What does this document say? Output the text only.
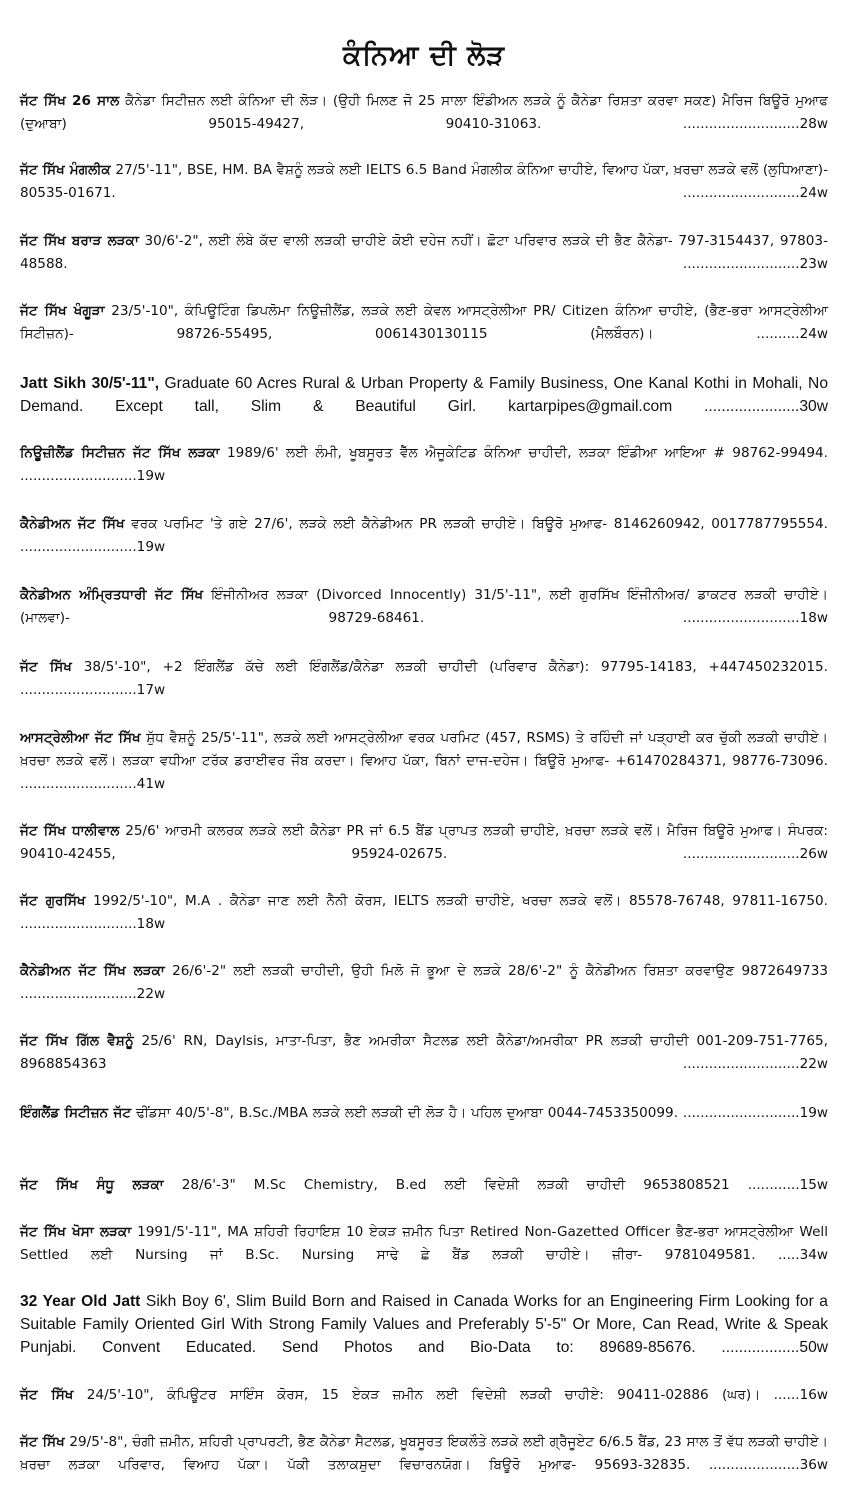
ਕੰਨਿਆ ਦੀ ਲੋੜ
ਜੱਟ ਸਿੱਖ 26 ਸਾਲ ਕੈਨੇਡਾ ਸਿਟੀਜ਼ਨ ਲਈ ਕੰਨਿਆ ਦੀ ਲੋੜ। (ਉਹੀ ਮਿਲਣ ਜੋ 25 ਸਾਲਾ ਇੰਡੀਅਨ ਲੜਕੇ ਨੂੰ ਕੈਨੇਡਾ ਰਿਸ਼ਤਾ ਕਰਵਾ ਸਕਣ) ਮੈਰਿਜ ਬਿਊਰੋ ਮੁਆਫ (ਦੁਆਬਾ) 95015-49427, 90410-31063.	...........................28w
ਜੱਟ ਸਿੱਖ ਮੰਗਲੀਕ 27/5'-11", BSE, HM. BA ਵੈਸ਼ਨੂੰ ਲੜਕੇ ਲਈ IELTS 6.5 Band ਮੰਗਲੀਕ ਕੰਨਿਆ ਚਾਹੀਏ, ਵਿਆਹ ਪੱਕਾ, ਖ਼ਰਚਾ ਲੜਕੇ ਵਲੋਂ (ਲੁਧਿਆਣਾ)- 80535-01671.	...........................24w
ਜੱਟ ਸਿੱਖ ਬਰਾੜ ਲੜਕਾ 30/6'-2", ਲਈ ਲੰਬੇ ਕੱਦ ਵਾਲੀ ਲੜਕੀ ਚਾਹੀਏ ਕੋਈ ਦਹੇਜ ਨਹੀਂ। ਛੋਟਾ ਪਰਿਵਾਰ ਲੜਕੇ ਦੀ ਭੈਣ ਕੈਨੇਡਾ- 797-3154437, 97803-48588.	...........................23w
ਜੱਟ ਸਿੱਖ ਖੰਗੂੜਾ 23/5'-10", ਕੰਪਿਊਟਿੰਗ ਡਿਪਲੋਮਾ ਨਿਊਜ਼ੀਲੈਂਡ, ਲੜਕੇ ਲਈ ਕੇਵਲ ਆਸਟ੍ਰੇਲੀਆ PR/ Citizen ਕੰਨਿਆ ਚਾਹੀਏ, (ਭੈਣ-ਭਰਾ ਆਸਟ੍ਰੇਲੀਆ ਸਿਟੀਜ਼ਨ)- 98726-55495, 0061430130115 (ਮੈਲਬੌਰਨ)।	..........24w
Jatt Sikh 30/5'-11", Graduate 60 Acres Rural & Urban Property & Family Business, One Kanal Kothi in Mohali, No Demand. Except tall, Slim & Beautiful Girl. kartarpipes@gmail.com ......................30w
ਨਿਊਜ਼ੀਲੈਂਡ ਸਿਟੀਜ਼ਨ ਜੱਟ ਸਿੱਖ ਲੜਕਾ 1989/6' ਲਈ ਲੰਮੀ, ਖੂਬਸੂਰਤ ਵੈੱਲ ਐਜੂਕੇਟਿਡ ਕੰਨਿਆ ਚਾਹੀਦੀ, ਲੜਕਾ ਇੰਡੀਆ ਆਇਆ # 98762-99494. ...........................19w
ਕੈਨੇਡੀਅਨ ਜੱਟ ਸਿੱਖ ਵਰਕ ਪਰਮਿਟ 'ਤੇ ਗਏ 27/6', ਲੜਕੇ ਲਈ ਕੈਨੇਡੀਅਨ PR ਲੜਕੀ ਚਾਹੀਏ। ਬਿਊਰੋ ਮੁਆਫ- 8146260942, 0017787795554. ...........................19w
ਕੈਨੇਡੀਅਨ ਅੰਮ੍ਰਿਤਧਾਰੀ ਜੱਟ ਸਿੱਖ ਇੰਜੀਨੀਅਰ ਲੜਕਾ (Divorced Innocently) 31/5'-11", ਲਈ ਗੁਰਸਿੱਖ ਇੰਜੀਨੀਅਰ/ ਡਾਕਟਰ ਲੜਕੀ ਚਾਹੀਏ। (ਮਾਲਵਾ)- 98729-68461.	...........................18w
ਜੱਟ ਸਿੱਖ 38/5'-10", +2 ਇੰਗਲੈਂਡ ਕੱਚੇ ਲਈ ਇੰਗਲੈਂਡ/ਕੈਨੇਡਾ ਲੜਕੀ ਚਾਹੀਦੀ (ਪਰਿਵਾਰ ਕੈਨੇਡਾ): 97795-14183, +447450232015. ...........................17w
ਆਸਟ੍ਰੇਲੀਆ ਜੱਟ ਸਿੱਖ ਸ਼ੁੱਧ ਵੈਸ਼ਨੂੰ 25/5'-11", ਲੜਕੇ ਲਈ ਆਸਟ੍ਰੇਲੀਆ ਵਰਕ ਪਰਮਿਟ (457, RSMS) ਤੇ ਰਹਿੰਦੀ ਜਾਂ ਪੜ੍ਹਾਈ ਕਰ ਚੁੱਕੀ ਲੜਕੀ ਚਾਹੀਏ। ਖ਼ਰਚਾ ਲੜਕੇ ਵਲੋਂ। ਲੜਕਾ ਵਧੀਆ ਟਰੱਕ ਡਰਾਈਵਰ ਜੌਬ ਕਰਦਾ। ਵਿਆਹ ਪੱਕਾ, ਬਿਨਾਂ ਦਾਜ-ਦਹੇਜ। ਬਿਊਰੋ ਮੁਆਫ- +61470284371, 98776-73096. ...........................41w
ਜੱਟ ਸਿੱਖ ਧਾਲੀਵਾਲ 25/6' ਆਰਮੀ ਕਲਰਕ ਲੜਕੇ ਲਈ ਕੈਨੇਡਾ PR ਜਾਂ 6.5 ਬੈਂਡ ਪ੍ਰਾਪਤ ਲੜਕੀ ਚਾਹੀਏ, ਖ਼ਰਚਾ ਲੜਕੇ ਵਲੋਂ। ਮੈਰਿਜ ਬਿਊਰੋ ਮੁਆਫ। ਸੰਪਰਕ: 90410-42455, 95924-02675.	...........................26w
ਜੱਟ ਗੁਰਸਿੱਖ 1992/5'-10", M.A . ਕੈਨੇਡਾ ਜਾਣ ਲਈ ਨੈਨੀ ਕੋਰਸ, IELTS ਲੜਕੀ ਚਾਹੀਏ, ਖਰਚਾ ਲੜਕੇ ਵਲੋਂ। 85578-76748, 97811-16750. ...........................18w
ਕੈਨੇਡੀਅਨ ਜੱਟ ਸਿੱਖ ਲੜਕਾ 26/6'-2" ਲਈ ਲੜਕੀ ਚਾਹੀਦੀ, ਉਹੀ ਮਿਲੋ ਜੋ ਭੂਆ ਦੇ ਲੜਕੇ 28/6'-2" ਨੂੰ ਕੈਨੇਡੀਅਨ ਰਿਸ਼ਤਾ ਕਰਵਾਉਣ 9872649733 ...........................22w
ਜੱਟ ਸਿੱਖ ਗਿੱਲ ਵੈਸ਼ਨੂੰ 25/6' RN, Daylsis, ਮਾਤਾ-ਪਿਤਾ, ਭੈਣ ਅਮਰੀਕਾ ਸੈਟਲਡ ਲਈ ਕੈਨੇਡਾ/ਅਮਰੀਕਾ PR ਲੜਕੀ ਚਾਹੀਦੀ 001-209-751-7765, 8968854363	...........................22w
ਇੰਗਲੈਂਡ ਸਿਟੀਜ਼ਨ ਜੱਟ ਢੀਂਡਸਾ 40/5'-8", B.Sc./MBA ਲੜਕੇ ਲਈ ਲੜਕੀ ਦੀ ਲੋੜ ਹੈ। ਪਹਿਲ ਦੁਆਬਾ 0044-7453350099. ...........................19w
ਜੱਟ ਸਿੱਖ ਸੰਧੂ ਲੜਕਾ 28/6'-3" M.Sc Chemistry, B.ed ਲਈ ਵਿਦੇਸ਼ੀ ਲੜਕੀ ਚਾਹੀਦੀ 9653808521 ............15w
ਜੱਟ ਸਿੱਖ ਖੋਸਾ ਲੜਕਾ 1991/5'-11", MA ਸ਼ਹਿਰੀ ਰਿਹਾਇਸ਼ 10 ਏਕੜ ਜ਼ਮੀਨ ਪਿਤਾ Retired Non-Gazetted Officer ਭੈਣ-ਭਰਾ ਆਸਟ੍ਰੇਲੀਆ Well Settled ਲਈ Nursing ਜਾਂ B.Sc. Nursing ਸਾਢੇ ਛੇ ਬੈਂਡ ਲੜਕੀ ਚਾਹੀਏ। ਜ਼ੀਰਾ- 9781049581. .....34w
32 Year Old Jatt Sikh Boy 6', Slim Build Born and Raised in Canada Works for an Engineering Firm Looking for a Suitable Family Oriented Girl With Strong Family Values and Preferably 5'-5" Or More, Can Read, Write & Speak Punjabi. Convent Educated. Send Photos and Bio-Data to: 89689-85676. ..................50w
ਜੱਟ ਸਿੱਖ 24/5'-10", ਕੰਪਿਊਟਰ ਸਾਇੰਸ ਕੋਰਸ, 15 ਏਕੜ ਜ਼ਮੀਨ ਲਈ ਵਿਦੇਸ਼ੀ ਲੜਕੀ ਚਾਹੀਏ: 90411-02886 (ਘਰ)। ......16w
ਜੱਟ ਸਿੱਖ 29/5'-8", ਚੰਗੀ ਜ਼ਮੀਨ, ਸ਼ਹਿਰੀ ਪ੍ਰਾਪਰਟੀ, ਭੈਣ ਕੈਨੇਡਾ ਸੈਟਲਡ, ਖੂਬਸੂਰਤ ਇਕਲੌਤੇ ਲੜਕੇ ਲਈ ਗ੍ਰੈਜੂਏਟ 6/6.5 ਬੈਂਡ, 23 ਸਾਲ ਤੋਂ ਵੱਧ ਲੜਕੀ ਚਾਹੀਏ। ਖ਼ਰਚਾ ਲੜਕਾ ਪਰਿਵਾਰ, ਵਿਆਹ ਪੱਕਾ। ਪੱਕੀ ਤਲਾਕਸ਼ੁਦਾ ਵਿਚਾਰਨਯੋਗ। ਬਿਊਰੋ ਮੁਆਫ- 95693-32835. .....................36w
